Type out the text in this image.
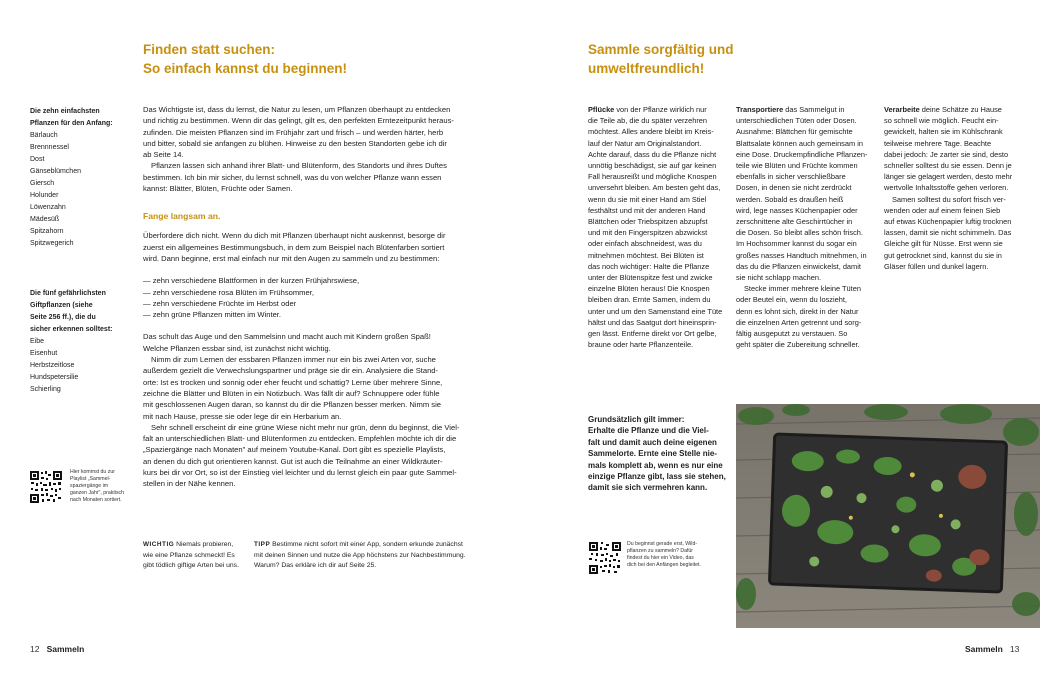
Finden statt suchen:
So einfach kannst du beginnen!
Die zehn einfachsten
Pflanzen für den Anfang:
Bärlauch
Brennnessel
Dost
Gänseblümchen
Giersch
Holunder
Löwenzahn
Mädesüß
Spitzahorn
Spitzwegerich
Die fünf gefährlichsten
Giftpflanzen (siehe
Seite 256 ff.), die du
sicher erkennen solltest:
Eibe
Eisenhut
Herbstzeitlose
Hundspetersilie
Schierling

Das Wichtigste ist, dass du lernst, die Natur zu lesen, um Pflanzen überhaupt zu entdecken

und richtig zu bestimmen. Wenn dir das gelingt, gilt es, den perfekten Erntezeitpunkt heraus-

zufinden. Die meisten Pflanzen sind im Frühjahr zart und frisch – und werden härter, herb

und bitter, sobald sie anfangen zu blühen. Hinweise zu den besten Standorten gebe ich dir

ab Seite 14.

Pflanzen lassen sich anhand ihrer Blatt- und Blütenform, des Standorts und ihres Duftes

bestimmen. Ich bin mir sicher, du lernst schnell, was du von welcher Pflanze wann essen

kannst: Blätter, Blüten, Früchte oder Samen.

Fange langsam an.

Überforderе dich nicht. Wenn du dich mit Pflanzen überhaupt nicht auskennst, besorge dir

zuerst ein allgemeines Bestimmungsbuch, in dem zum Beispiel nach Blütenfarben sortiert

wird. Dann beginne, erst mal einfach nur mit den Augen zu sammeln und zu bestimmen:

— zehn verschiedene Blattformen in der kurzen Frühjahrswiese,
— zehn verschiedene rosa Blüten im Frühsommer,
— zehn verschiedene Früchte im Herbst oder
— zehn grüne Pflanzen mitten im Winter.

Das schult das Auge und den Sammelsinn und macht auch mit Kindern großen Spaß!

Welche Pflanzen essbar sind, ist zunächst nicht wichtig.

Nimm dir zum Lernen der essbaren Pflanzen immer nur ein bis zwei Arten vor, suche

außerdem gezielt die Verwechslungspartner und präge sie dir ein. Analysiere die Stand-

orte: Ist es trocken und sonnig oder eher feucht und schattig? Lerne über mehrere Sinne,

zeichne die Blätter und Blüten in ein Notizbuch. Was fällt dir auf? Schnuppere oder fühle

mit geschlossenen Augen daran, so kannst du dir die Pflanzen besser merken. Nimm sie

mit nach Hause, presse sie oder lege dir ein Herbarium an.

Sehr schnell erscheint dir eine grüne Wiese nicht mehr nur grün, denn du beginnst, die Viel-

falt an unterschiedlichen Blatt- und Blütenformen zu entdecken. Empfehlen möchte ich dir die

„Spaziergänge nach Monaten" auf meinem Youtube-Kanal. Dort gibt es spezielle Playlists,

an denen du dich gut orientieren kannst. Gut ist auch die Teilnahme an einer Wildkräuter-

kurs bei dir vor Ort, so ist der Einstieg viel leichter und du lernst gleich ein paar gute Sammel-

stellen in der Nähe kennen.

Hier kommst du zur
Playlist „Sammel-
spaziergänge im
ganzen Jahr", praktisch
nach Monaten sortiert.
WICHTIG Niemals probieren,
wie eine Pflanze schmeckt! Es
gibt tödlich giftige Arten bei uns.
TIPP Bestimme nicht sofort mit einer App, sondern erkunde zunächst
mit deinen Sinnen und nutze die App höchstens zur Nachbestimmung.
Warum? Das erkläre ich dir auf Seite 25.
12 Sammeln
Sammle sorgfältig und
umweltfreundlich!

Pflücke von der Pflanze wirklich nur

die Teile ab, die du später verzehren

möchtest. Alles andere bleibt im Kreis-

lauf der Natur am Originalstandort.

Achte darauf, dass du die Pflanze nicht

unnötig beschädigst, sie auf gar keinen

Fall herausreißt und mögliche Knospen

unversehrt bleiben. Am besten geht das,

wenn du sie mit einer Hand am Stiel

festhältst und mit der anderen Hand

Blättchen oder Triebspitzen abzupfst

und mit den Fingerspitzen abzwickst

oder einfach abschneidest, was du

mitnehmen möchtest. Bei Blüten ist

das noch wichtiger: Halte die Pflanze

unter der Blütenspitze fest und zwicke

einzelne Blüten heraus! Die Knospen

bleiben dran. Ernte Samen, indem du

unter und um den Samenstand eine Tüte

hältst und das Saatgut dort hineinsprin-

gen lässt. Entferne direkt vor Ort gelbe,

braune oder harte Pflanzenteile.

Transportiere das Sammelgut in

unterschiedlichen Tüten oder Dosen.

Ausnahme: Blättchen für gemischte

Blattsalate können auch gemeinsam in

eine Dose. Druckempfindliche Pflanzen-

teile wie Blüten und Früchte kommen

ebenfalls in sicher verschließbare

Dosen, in denen sie nicht zerdrückt

werden. Sobald es draußen heiß

wird, lege nasses Küchenpapier oder

zerschnittene alte Geschirrtücher in

die Dosen. So bleibt alles schön frisch.

Im Hochsommer kannst du sogar ein

großes nasses Handtuch mitnehmen, in

das du die Pflanzen einwickelst, damit

sie nicht schlapp machen.

Stecke immer mehrere kleine Tüten

oder Beutel ein, wenn du loszieht,

denn es lohnt sich, direkt in der Natur

die einzelnen Arten getrennt und sorg-

fältig ausgeputzt zu verstauen. So

geht später die Zubereitung schneller.

Verarbeite deine Schätze zu Hause

so schnell wie möglich. Feucht ein-

gewickelt, halten sie im Kühlschrank

teilweise mehrere Tage. Beachte

dabei jedoch: Je zarter sie sind, desto

schneller solltest du sie essen. Denn je

länger sie gelagert werden, desto mehr

wertvolle Inhaltsstoffe gehen verloren.

Samen solltest du sofort frisch ver-

wenden oder auf einem feinen Sieb

auf etwas Küchenpapier luftig trocknen

lassen, damit sie nicht schimmeln. Das

Gleiche gilt für Nüsse. Erst wenn sie

gut getrocknet sind, kannst du sie in

Gläser füllen und dunkel lagern.

Grundsätzlich gilt immer:
Erhalte die Pflanze und die Viel-
falt und damit auch deine eigenen
Sammelorte. Ernte eine Stelle nie-
mals komplett ab, wenn es nur eine
einzige Pflanze gibt, lass sie stehen,
damit sie sich vermehren kann.
Du beginnst gerade erst, Wild-
pflanzen zu sammeln? Dafür
findest du hier ein Video, das
dich bei den Anfängen begleitet.
Sammeln 13
